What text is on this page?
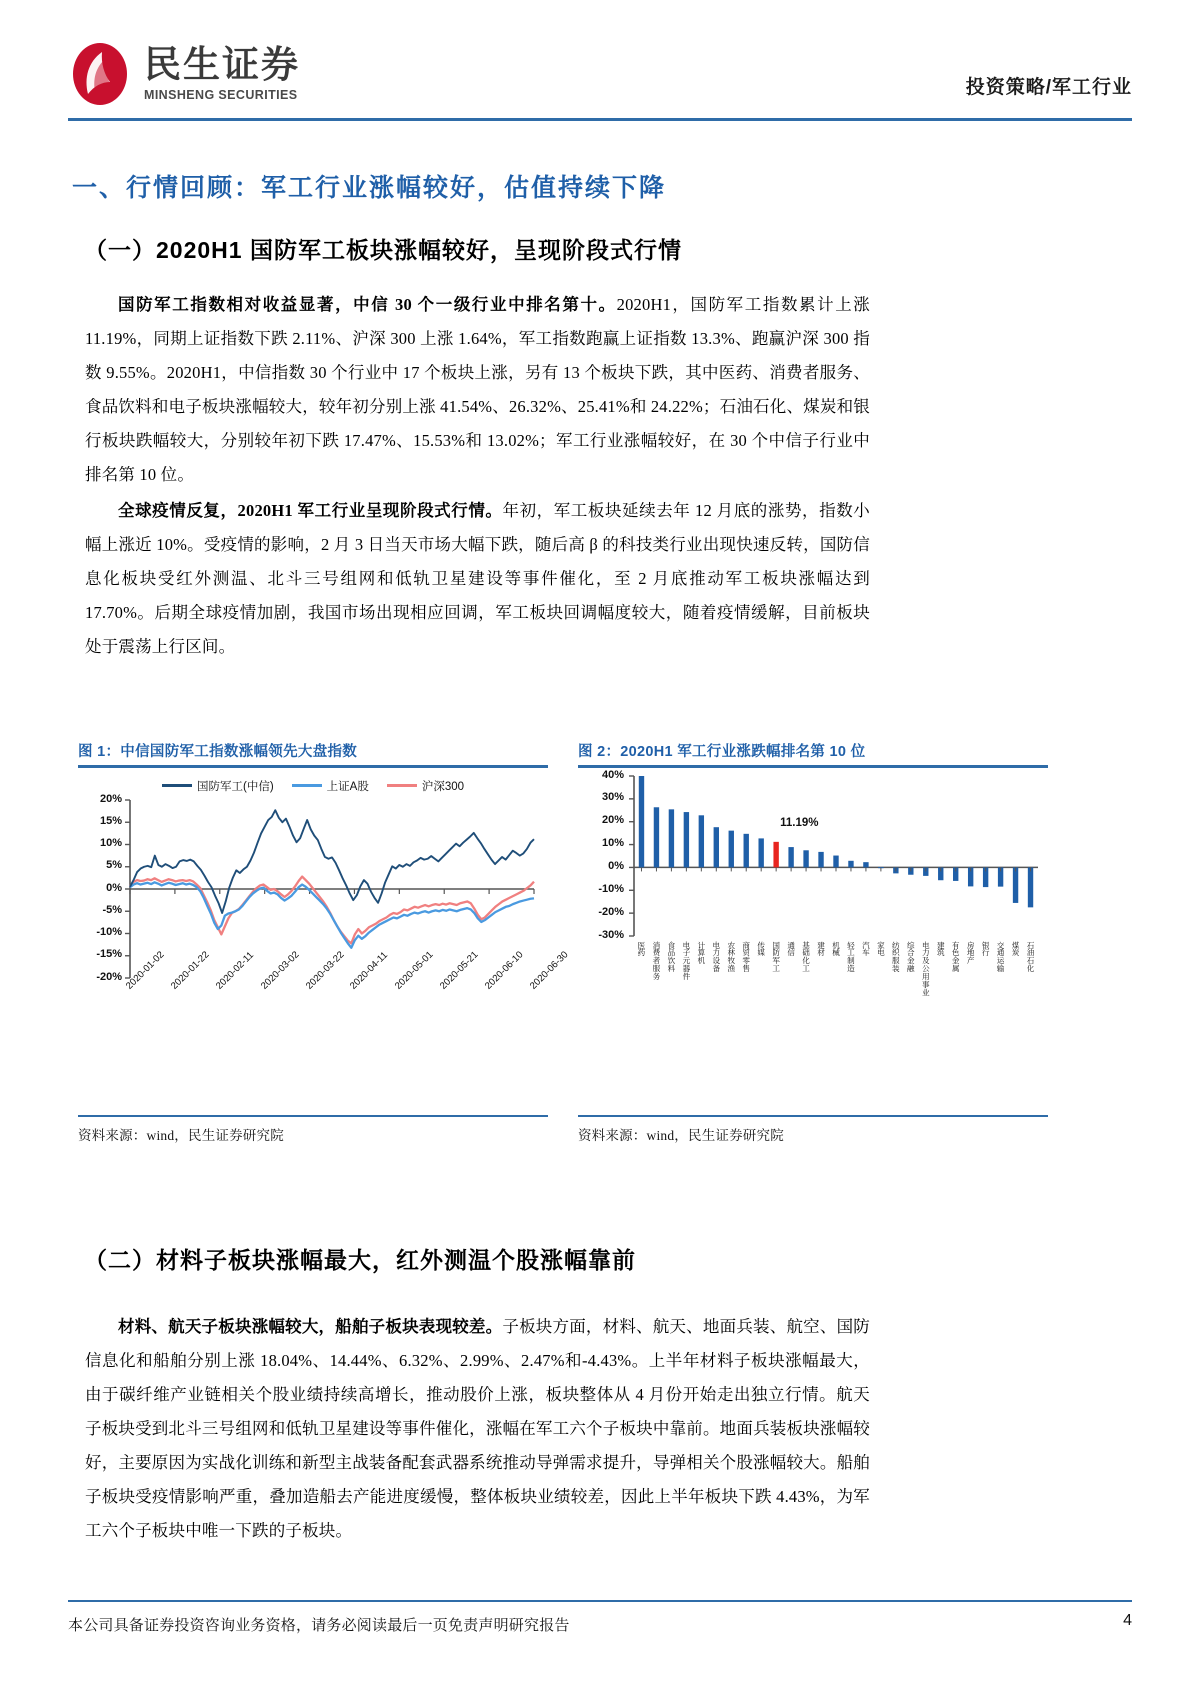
民生证券
MINSHENG SECURITIES	投资策略/军工行业
一、行情回顾：军工行业涨幅较好，估值持续下降
（一）2020H1 国防军工板块涨幅较好，呈现阶段式行情
国防军工指数相对收益显著，中信 30 个一级行业中排名第十。2020H1，国防军工指数累计上涨 11.19%，同期上证指数下跌 2.11%、沪深 300 上涨 1.64%，军工指数跑赢上证指数 13.3%、跑赢沪深 300 指数 9.55%。2020H1，中信指数 30 个行业中 17 个板块上涨，另有 13 个板块下跌，其中医药、消费者服务、食品饮料和电子板块涨幅较大，较年初分别上涨 41.54%、26.32%、25.41%和 24.22%；石油石化、煤炭和银行板块跌幅较大，分别较年初下跌 17.47%、15.53%和 13.02%；军工行业涨幅较好，在 30 个中信子行业中排名第 10 位。
全球疫情反复，2020H1 军工行业呈现阶段式行情。年初，军工板块延续去年 12 月底的涨势，指数小幅上涨近 10%。受疫情的影响，2 月 3 日当天市场大幅下跌，随后高 β 的科技类行业出现快速反转，国防信息化板块受红外测温、北斗三号组网和低轨卫星建设等事件催化，至 2 月底推动军工板块涨幅达到 17.70%。后期全球疫情加剧，我国市场出现相应回调，军工板块回调幅度较大，随着疫情缓解，目前板块处于震荡上行区间。
图 1：中信国防军工指数涨幅领先大盘指数
国防军工(中信)	上证A股	沪深300
20%
15%
10%
5%
0%
-5%
-10%
-15%
-20% 2020-01-02 2020-01-22 2020-02-11 2020-03-02 2020-03-22 2020-04-11 2020-05-01 2020-05-21 2020-06-10 2020-06-30
资料来源：wind，民生证券研究院
图 2：2020H1 军工行业涨跌幅排名第 10 位
40%
30%
20%
10%
0%
-10%
-20%
-30%
医药
消费者服务
食品饮料
电子元器件
计算机
电力设备
农林牧渔
商贸零售
传媒
国防军工
通信
基础化工
建材
机械
轻工制造
汽车
家电
纺织服装
综合金融
电力及公用事业
建筑
有色金属
房地产
银行
交通运输
煤炭
石油石化
11.19%
资料来源：wind，民生证券研究院
（二）材料子板块涨幅最大，红外测温个股涨幅靠前
材料、航天子板块涨幅较大，船舶子板块表现较差。子板块方面，材料、航天、地面兵装、航空、国防信息化和船舶分别上涨 18.04%、14.44%、6.32%、2.99%、2.47%和-4.43%。上半年材料子板块涨幅最大，由于碳纤维产业链相关个股业绩持续高增长，推动股价上涨，板块整体从 4 月份开始走出独立行情。航天子板块受到北斗三号组网和低轨卫星建设等事件催化，涨幅在军工六个子板块中靠前。地面兵装板块涨幅较好，主要原因为实战化训练和新型主战装备配套武器系统推动导弹需求提升，导弹相关个股涨幅较大。船舶子板块受疫情影响严重，叠加造船去产能进度缓慢，整体板块业绩较差，因此上半年板块下跌 4.43%，为军工六个子板块中唯一下跌的子板块。
本公司具备证券投资咨询业务资格，请务必阅读最后一页免责声明研究报告	4
